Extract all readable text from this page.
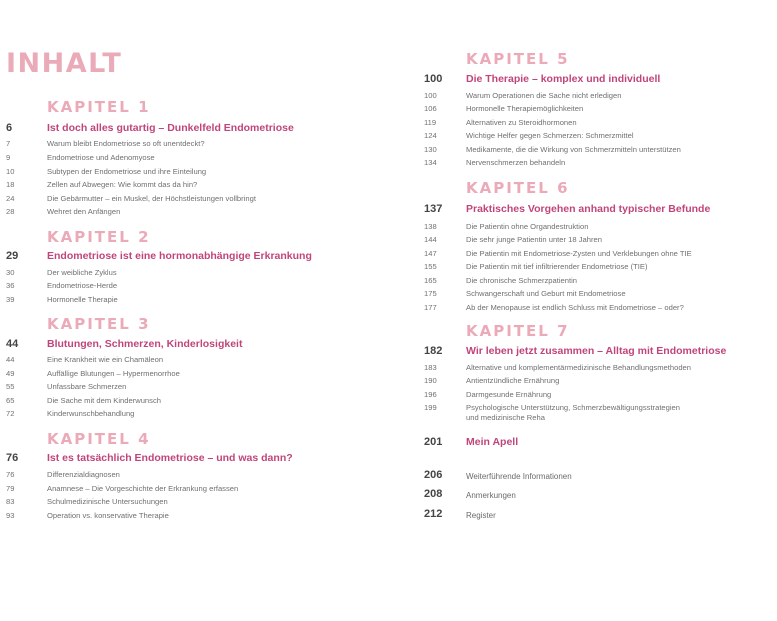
INHALT
KAPITEL 1
6	Ist doch alles gutartig – Dunkelfeld Endometriose
7	Warum bleibt Endometriose so oft unentdeckt?
9	Endometriose und Adenomyose
10	Subtypen der Endometriose und ihre Einteilung
18	Zellen auf Abwegen: Wie kommt das da hin?
24	Die Gebärmutter – ein Muskel, der Höchstleistungen vollbringt
28	Wehret den Anfängen
KAPITEL 2
29	Endometriose ist eine hormonabhängige Erkrankung
30	Der weibliche Zyklus
36	Endometriose-Herde
39	Hormonelle Therapie
KAPITEL 3
44	Blutungen, Schmerzen, Kinderlosigkeit
44	Eine Krankheit wie ein Chamäleon
49	Auffällige Blutungen – Hypermenorrhoe
55	Unfassbare Schmerzen
65	Die Sache mit dem Kinderwunsch
72	Kinderwunschbehandlung
KAPITEL 4
76	Ist es tatsächlich Endometriose – und was dann?
76	Differenzialdiagnosen
79	Anamnese – Die Vorgeschichte der Erkrankung erfassen
83	Schulmedizinische Untersuchungen
93	Operation vs. konservative Therapie
KAPITEL 5
100 Die Therapie – komplex und individuell
100	Warum Operationen die Sache nicht erledigen
106	Hormonelle Therapiemöglichkeiten
119	Alternativen zu Steroidhormonen
124	Wichtige Helfer gegen Schmerzen: Schmerzmittel
130	Medikamente, die die Wirkung von Schmerzmitteln unterstützen
134	Nervenschmerzen behandeln
KAPITEL 6
137 Praktisches Vorgehen anhand typischer Befunde
138	Die Patientin ohne Organdestruktion
144	Die sehr junge Patientin unter 18 Jahren
147	Die Patientin mit Endometriose-Zysten und Verklebungen ohne TIE
155	Die Patientin mit tief infiltrierender Endometriose (TIE)
165	Die chronische Schmerzpatientin
175	Schwangerschaft und Geburt mit Endometriose
177	Ab der Menopause ist endlich Schluss mit Endometriose – oder?
KAPITEL 7
182 Wir leben jetzt zusammen – Alltag mit Endometriose
183	Alternative und komplementärmedizinische Behandlungsmethoden
190	Antientzündliche Ernährung
196	Darmgesunde Ernährung
199	Psychologische Unterstützung, Schmerzbewältigungsstrategien
und medizinische Reha
201 Mein Apell
206	Weiterführende Informationen
208	Anmerkungen
212	Register
